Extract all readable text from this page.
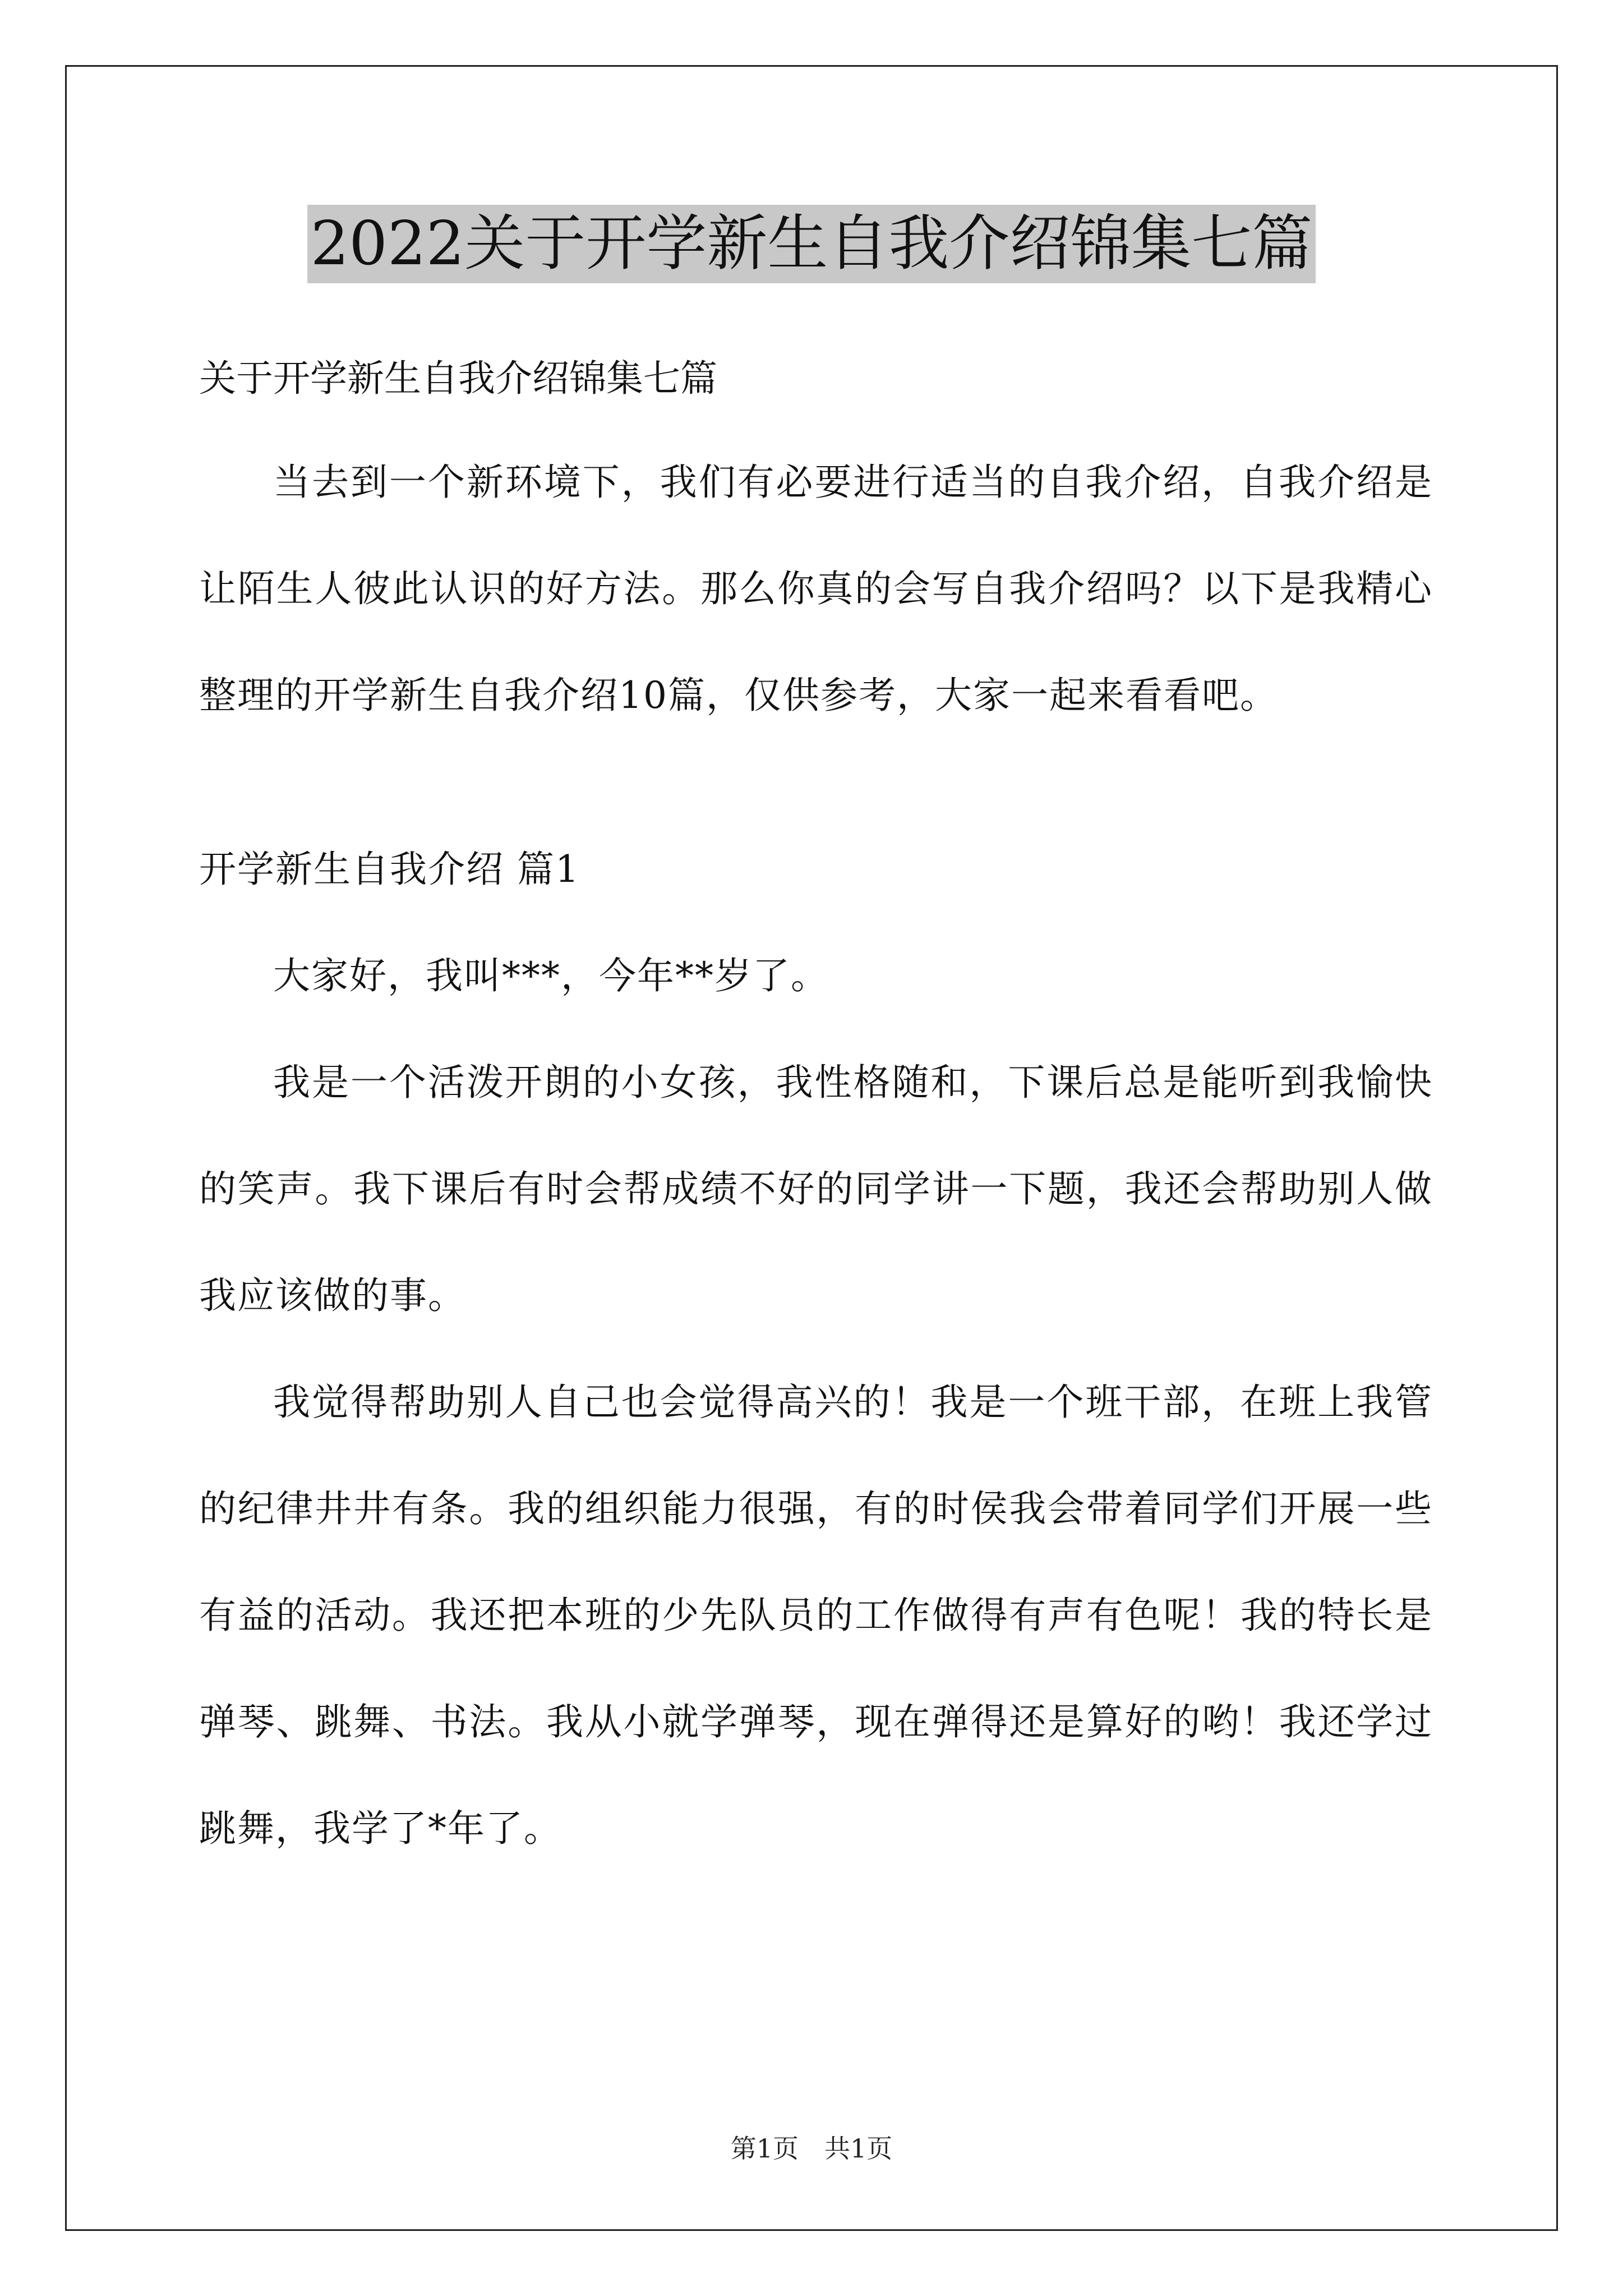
2022关于开学新生自我介绍锦集七篇

关于开学新生自我介绍锦集七篇

当去到一个新环境下，我们有必要进行适当的自我介绍，自我介绍是让陌生人彼此认识的好方法。那么你真的会写自我介绍吗？以下是我精心整理的开学新生自我介绍10篇，仅供参考，大家一起来看看吧。

开学新生自我介绍 篇1

大家好，我叫***，今年**岁了。

我是一个活泼开朗的小女孩，我性格随和，下课后总是能听到我愉快的笑声。我下课后有时会帮成绩不好的同学讲一下题，我还会帮助别人做我应该做的事。

我觉得帮助别人自己也会觉得高兴的！我是一个班干部，在班上我管的纪律井井有条。我的组织能力很强，有的时侯我会带着同学们开展一些有益的活动。我还把本班的少先队员的工作做得有声有色呢！我的特长是弹琴、跳舞、书法。我从小就学弹琴，现在弹得还是算好的哟！我还学过跳舞，我学了*年了。

第1页　共1页
